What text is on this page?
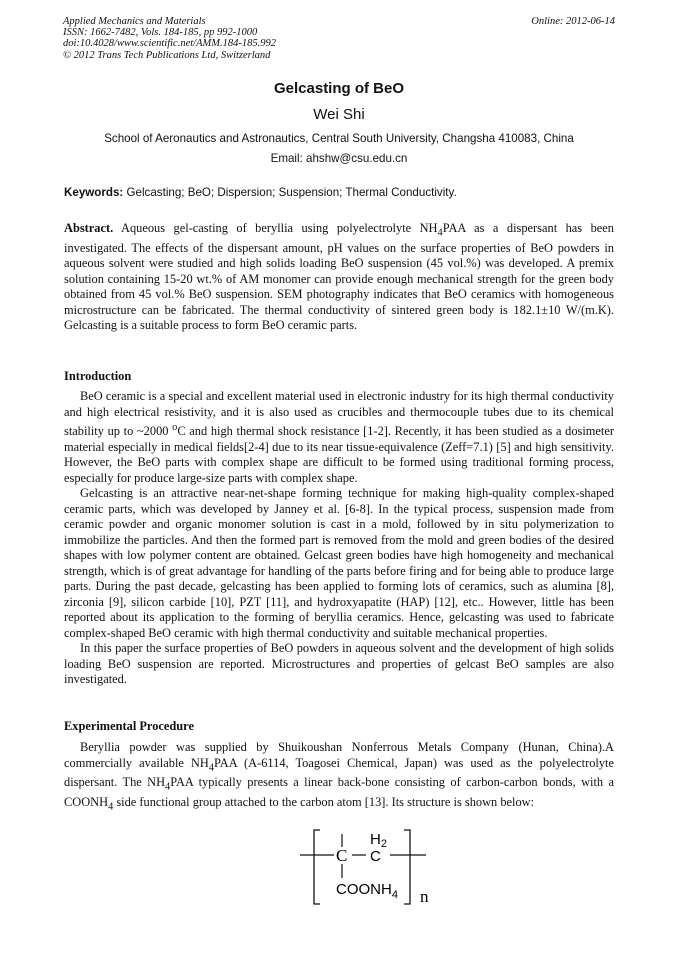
Applied Mechanics and Materials
ISSN: 1662-7482, Vols. 184-185, pp 992-1000
doi:10.4028/www.scientific.net/AMM.184-185.992
© 2012 Trans Tech Publications Ltd, Switzerland
Online: 2012-06-14
Gelcasting of BeO
Wei Shi
School of Aeronautics and Astronautics, Central South University, Changsha 410083, China
Email: ahshw@csu.edu.cn
Keywords: Gelcasting; BeO; Dispersion; Suspension; Thermal Conductivity.
Abstract. Aqueous gel-casting of beryllia using polyelectrolyte $NH_4PAA$ as a dispersant has been investigated. The effects of the dispersant amount, pH values on the surface properties of BeO powders in aqueous solvent were studied and high solids loading BeO suspension (45 vol.%) was developed. A premix solution containing 15-20 wt.% of AM monomer can provide enough mechanical strength for the green body obtained from 45 vol.% BeO suspension. SEM photography indicates that BeO ceramics with homogeneous microstructure can be fabricated. The thermal conductivity of sintered green body is 182.1±10 W/(m.K). Gelcasting is a suitable process to form BeO ceramic parts.
Introduction

BeO ceramic is a special and excellent material used in electronic industry for its high thermal conductivity and high electrical resistivity, and it is also used as crucibles and thermocouple tubes due to its chemical stability up to ~2000 $^o$C and high thermal shock resistance [1-2]. Recently, it has been studied as a dosimeter material especially in medical fields[2-4] due to its near tissue-equivalence (Zeff=7.1) [5] and high sensitivity. However, the BeO parts with complex shape are difficult to be formed using traditional forming process, especially for produce large-size parts with complex shape.

Gelcasting is an attractive near-net-shape forming technique for making high-quality complex-shaped ceramic parts, which was developed by Janney et al. [6-8]. In the typical process, suspension made from ceramic powder and organic monomer solution is cast in a mold, followed by in situ polymerization to immobilize the particles. And then the formed part is removed from the mold and green bodies of the desired shapes with low polymer content are obtained. Gelcast green bodies have high homogeneity and mechanical strength, which is of great advantage for handling of the parts before firing and for being able to produce large parts. During the past decade, gelcasting has been applied to forming lots of ceramics, such as alumina [8], zirconia [9], silicon carbide [10], PZT [11], and hydroxyapatite (HAP) [12], etc.. However, little has been reported about its application to the forming of beryllia ceramics. Hence, gelcasting was used to fabricate complex-shaped BeO ceramic with high thermal conductivity and suitable mechanical properties.

In this paper the surface properties of BeO powders in aqueous solvent and the development of high solids loading BeO suspension are reported. Microstructures and properties of gelcast BeO samples are also investigated.

Experimental Procedure

Beryllia powder was supplied by Shuikoushan Nonferrous Metals Company (Hunan, China).A commercially available $NH_4PAA$ (A-6114, Toagosei Chemical, Japan) was used as the polyelectrolyte dispersant. The $NH_4PAA$ typically presents a linear back-bone consisting of carbon-carbon bonds, with a $COONH_4$ side functional group attached to the carbon atom [13]. Its structure is shown below:

C C
$H_2$
$COONH_4$ n
